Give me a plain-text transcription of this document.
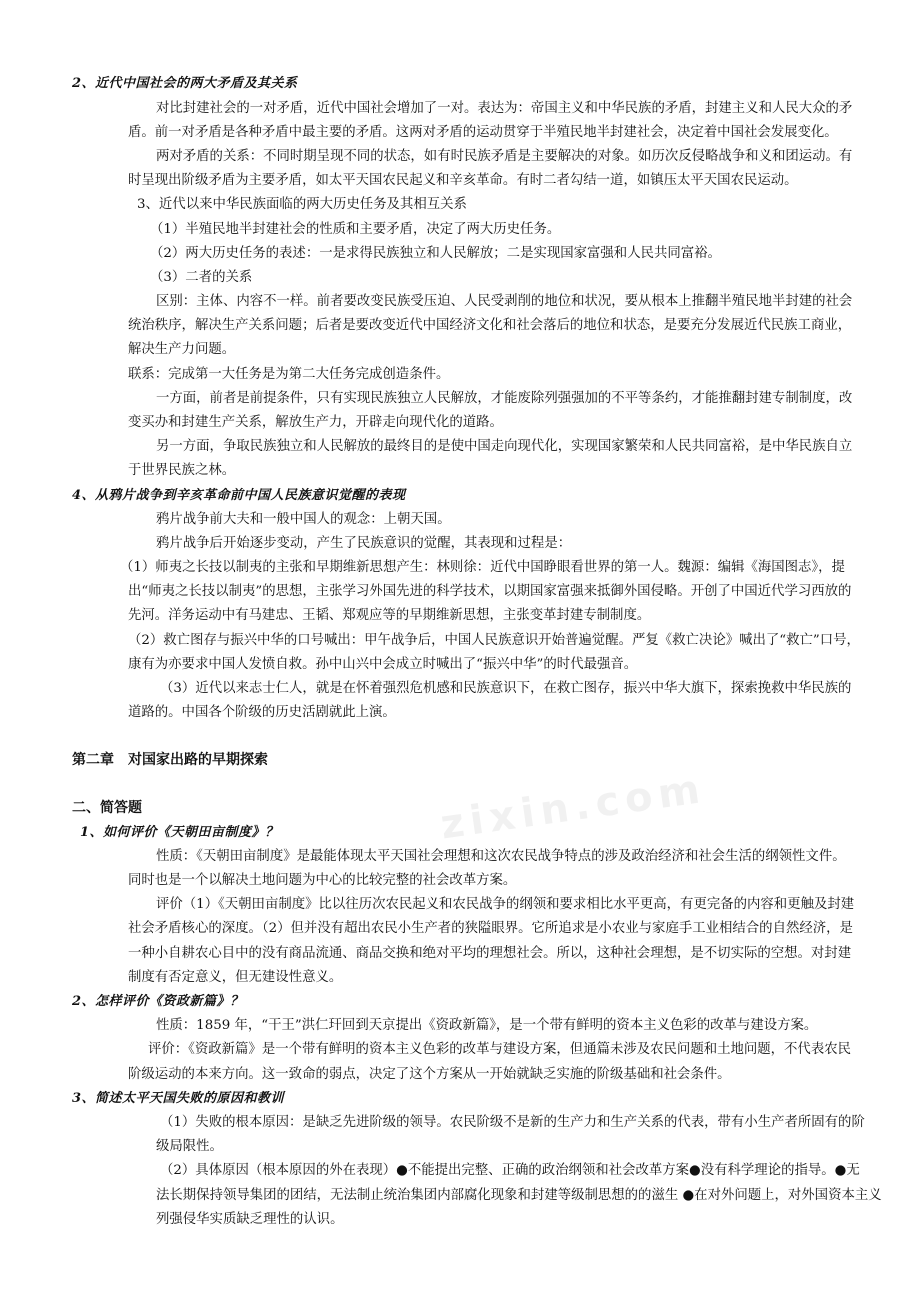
zixin.com
2、近代中国社会的两大矛盾及其关系
对比封建社会的一对矛盾，近代中国社会增加了一对。表达为：帝国主义和中华民族的矛盾，封建主义和人民大众的矛
盾。前一对矛盾是各种矛盾中最主要的矛盾。这两对矛盾的运动贯穿于半殖民地半封建社会，决定着中国社会发展变化。
两对矛盾的关系：不同时期呈现不同的状态，如有时民族矛盾是主要解决的对象。如历次反侵略战争和义和团运动。有
时呈现出阶级矛盾为主要矛盾，如太平天国农民起义和辛亥革命。有时二者勾结一道，如镇压太平天国农民运动。
3、近代以来中华民族面临的两大历史任务及其相互关系
（1）半殖民地半封建社会的性质和主要矛盾，决定了两大历史任务。
（2）两大历史任务的表述：一是求得民族独立和人民解放；二是实现国家富强和人民共同富裕。
（3）二者的关系
区别：主体、内容不一样。前者要改变民族受压迫、人民受剥削的地位和状况，要从根本上推翻半殖民地半封建的社会
统治秩序，解决生产关系问题；后者是要改变近代中国经济文化和社会落后的地位和状态，是要充分发展近代民族工商业，
解决生产力问题。
联系：完成第一大任务是为第二大任务完成创造条件。
一方面，前者是前提条件，只有实现民族独立人民解放，才能废除列强强加的不平等条约，才能推翻封建专制制度，改
变买办和封建生产关系，解放生产力，开辟走向现代化的道路。
另一方面，争取民族独立和人民解放的最终目的是使中国走向现代化，实现国家繁荣和人民共同富裕，是中华民族自立
于世界民族之林。
4、从鸦片战争到辛亥革命前中国人民族意识觉醒的表现
鸦片战争前大夫和一般中国人的观念：上朝天国。
鸦片战争后开始逐步变动，产生了民族意识的觉醒，其表现和过程是：
（1）师夷之长技以制夷的主张和早期维新思想产生：林则徐：近代中国睁眼看世界的第一人。魏源：编辑《海国图志》，提
出“师夷之长技以制夷”的思想，主张学习外国先进的科学技术，以期国家富强来抵御外国侵略。开创了中国近代学习西放的
先河。洋务运动中有马建忠、王韬、郑观应等的早期维新思想，主张变革封建专制制度。
（2）救亡图存与振兴中华的口号喊出：甲午战争后，中国人民族意识开始普遍觉醒。严复《救亡决论》喊出了“救亡”口号，
康有为亦要求中国人发愤自救。孙中山兴中会成立时喊出了“振兴中华”的时代最强音。
（3）近代以来志士仁人，就是在怀着强烈危机感和民族意识下，在救亡图存，振兴中华大旗下，探索挽救中华民族的
道路的。中国各个阶级的历史活剧就此上演。
第二章　对国家出路的早期探索
二、简答题
1、如何评价《天朝田亩制度》？
性质：《天朝田亩制度》是最能体现太平天国社会理想和这次农民战争特点的涉及政治经济和社会生活的纲领性文件。
同时也是一个以解决土地问题为中心的比较完整的社会改革方案。
评价（1）《天朝田亩制度》比以往历次农民起义和农民战争的纲领和要求相比水平更高，有更完备的内容和更触及封建
社会矛盾核心的深度。（2）但并没有超出农民小生产者的狭隘眼界。它所追求是小农业与家庭手工业相结合的自然经济，是
一种小自耕农心目中的没有商品流通、商品交换和绝对平均的理想社会。所以，这种社会理想，是不切实际的空想。对封建
制度有否定意义，但无建设性意义。
2、怎样评价《资政新篇》？
性质：1859 年，“干王”洪仁玕回到天京提出《资政新篇》，是一个带有鲜明的资本主义色彩的改革与建设方案。
评价：《资政新篇》是一个带有鲜明的资本主义色彩的改革与建设方案，但通篇未涉及农民问题和土地问题，不代表农民
阶级运动的本来方向。这一致命的弱点，决定了这个方案从一开始就缺乏实施的阶级基础和社会条件。
3、简述太平天国失败的原因和教训
（1）失败的根本原因：是缺乏先进阶级的领导。农民阶级不是新的生产力和生产关系的代表，带有小生产者所固有的阶
级局限性。
（2）具体原因（根本原因的外在表现）●不能提出完整、正确的政治纲领和社会改革方案●没有科学理论的指导。●无
法长期保持领导集团的团结，无法制止统治集团内部腐化现象和封建等级制思想的的滋生 ●在对外问题上，对外国资本主义
列强侵华实质缺乏理性的认识。
